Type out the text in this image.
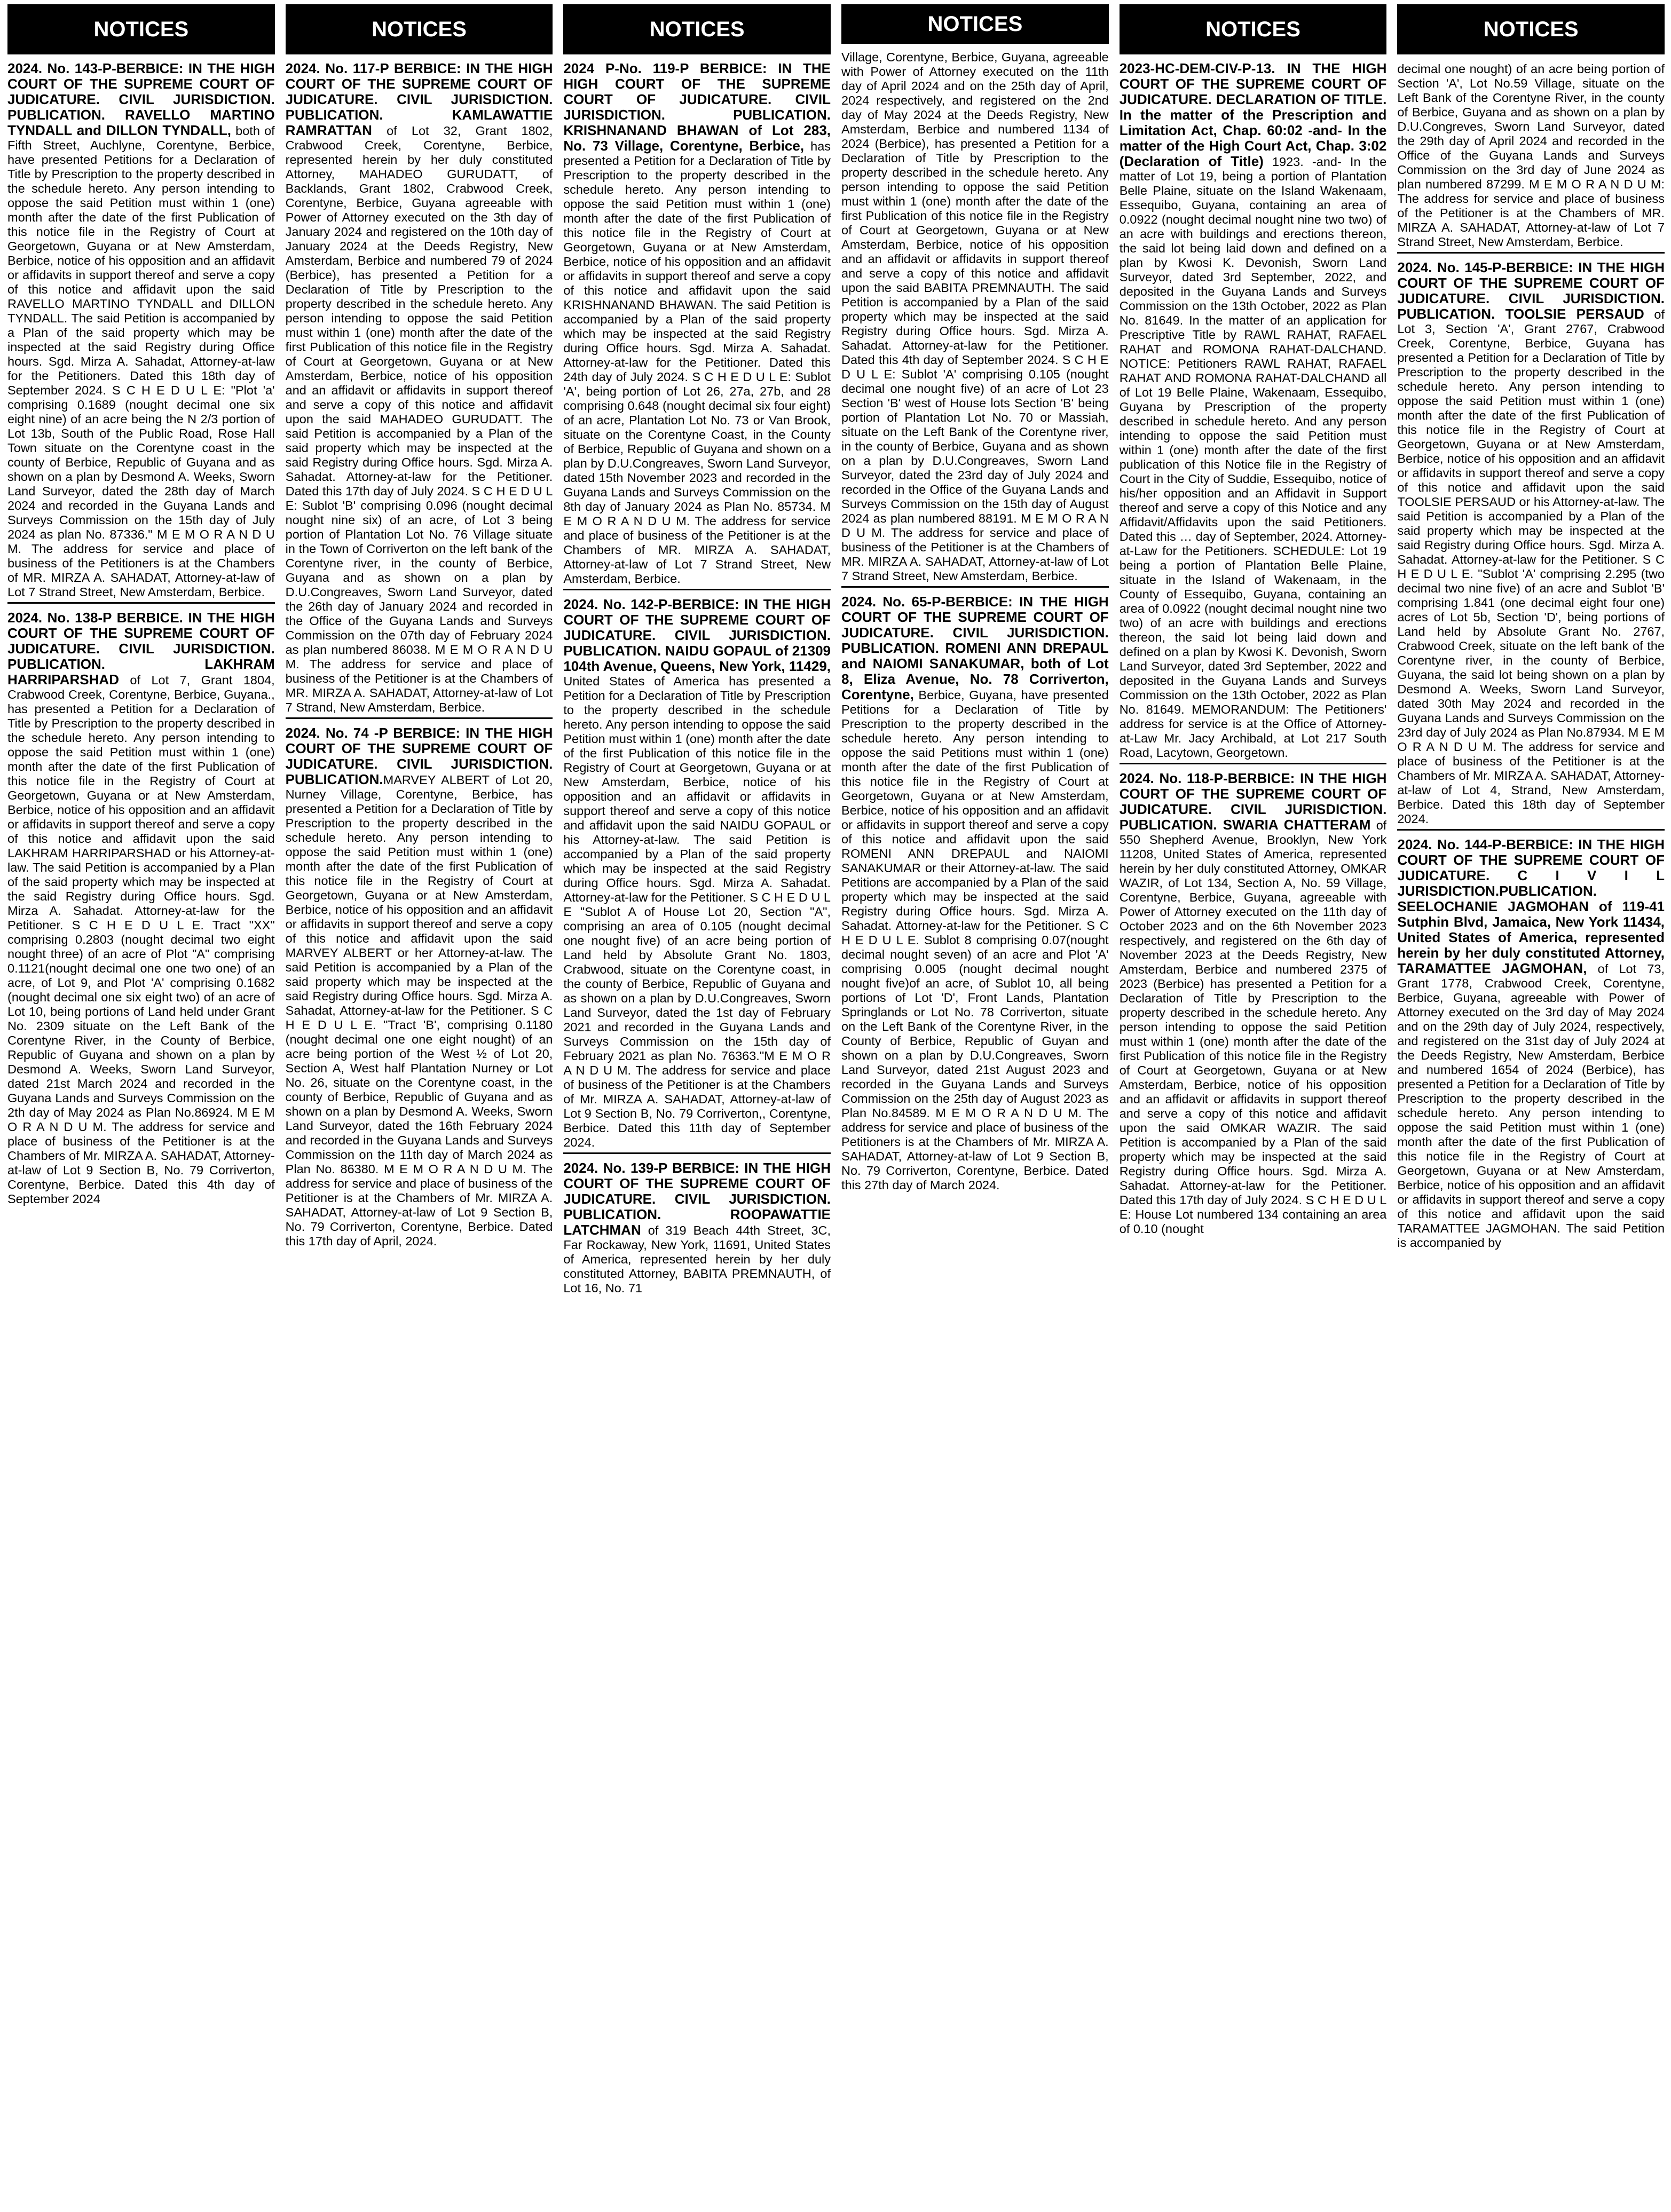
NOTICES

2024. No. 143-P-BERBICE: IN THE HIGH COURT OF THE SUPREME COURT OF JUDICATURE. CIVIL JURISDICTION. PUBLICATION. RAVELLO MARTINO TYNDALL and DILLON TYNDALL, both of Fifth Street, Auchlyne, Corentyne, Berbice, have presented Petitions for a Declaration of Title by Prescription to the property described in the schedule hereto. Any person intending to oppose the said Petition must within 1 (one) month after the date of the first Publication of this notice file in the Registry of Court at Georgetown, Guyana or at New Amsterdam, Berbice, notice of his opposition and an affidavit or affidavits in support thereof and serve a copy of this notice and affidavit upon the said RAVELLO MARTINO TYNDALL and DILLON TYNDALL. The said Petition is accompanied by a Plan of the said property which may be inspected at the said Registry during Office hours. Sgd. Mirza A. Sahadat, Attorney-at-law for the Petitioners. Dated this 18th day of September 2024. S C H E D U L E: "Plot 'a' comprising 0.1689 (nought decimal one six eight nine) of an acre being the N 2/3 portion of Lot 13b, South of the Public Road, Rose Hall Town situate on the Corentyne coast in the county of Berbice, Republic of Guyana and as shown on a plan by Desmond A. Weeks, Sworn Land Surveyor, dated the 28th day of March 2024 and recorded in the Guyana Lands and Surveys Commission on the 15th day of July 2024 as plan No. 87336." M E M O R A N D U M. The address for service and place of business of the Petitioners is at the Chambers of MR. MIRZA A. SAHADAT, Attorney-at-law of Lot 7 Strand Street, New Amsterdam, Berbice.

2024. No. 138-P BERBICE. IN THE HIGH COURT OF THE SUPREME COURT OF JUDICATURE. CIVIL JURISDICTION. PUBLICATION. LAKHRAM HARRIPARSHAD of Lot 7, Grant 1804, Crabwood Creek, Corentyne, Berbice, Guyana., has presented a Petition for a Declaration of Title by Prescription to the property described in the schedule hereto. Any person intending to oppose the said Petition must within 1 (one) month after the date of the first Publication of this notice file in the Registry of Court at Georgetown, Guyana or at New Amsterdam, Berbice, notice of his opposition and an affidavit or affidavits in support thereof and serve a copy of this notice and affidavit upon the said LAKHRAM HARRIPARSHAD or his Attorney-at-law. The said Petition is accompanied by a Plan of the said property which may be inspected at the said Registry during Office hours. Sgd. Mirza A. Sahadat. Attorney-at-law for the Petitioner. S C H E D U L E. Tract "XX" comprising 0.2803 (nought decimal two eight nought three) of an acre of Plot "A" comprising 0.1121(nought decimal one one two one) of an acre, of Lot 9, and Plot 'A' comprising 0.1682 (nought decimal one six eight two) of an acre of Lot 10, being portions of Land held under Grant No. 2309 situate on the Left Bank of the Corentyne River, in the County of Berbice, Republic of Guyana and shown on a plan by Desmond A. Weeks, Sworn Land Surveyor, dated 21st March 2024 and recorded in the Guyana Lands and Surveys Commission on the 2th day of May 2024 as Plan No.86924. M E M O R A N D U M. The address for service and place of business of the Petitioner is at the Chambers of Mr. MIRZA A. SAHADAT, Attorney-at-law of Lot 9 Section B, No. 79 Corriverton, Corentyne, Berbice. Dated this 4th day of September 2024

NOTICES

2024. No. 117-P BERBICE: IN THE HIGH COURT OF THE SUPREME COURT OF JUDICATURE. CIVIL JURISDICTION. PUBLICATION. KAMLAWATTIE RAMRATTAN of Lot 32, Grant 1802, Crabwood Creek, Corentyne, Berbice, represented herein by her duly constituted Attorney, MAHADEO GURUDATT, of Backlands, Grant 1802, Crabwood Creek, Corentyne, Berbice, Guyana agreeable with Power of Attorney executed on the 3th day of January 2024 and registered on the 10th day of January 2024 at the Deeds Registry, New Amsterdam, Berbice and numbered 79 of 2024 (Berbice), has presented a Petition for a Declaration of Title by Prescription to the property described in the schedule hereto. Any person intending to oppose the said Petition must within 1 (one) month after the date of the first Publication of this notice file in the Registry of Court at Georgetown, Guyana or at New Amsterdam, Berbice, notice of his opposition and an affidavit or affidavits in support thereof and serve a copy of this notice and affidavit upon the said MAHADEO GURUDATT. The said Petition is accompanied by a Plan of the said property which may be inspected at the said Registry during Office hours. Sgd. Mirza A. Sahadat. Attorney-at-law for the Petitioner. Dated this 17th day of July 2024. S C H E D U L E: Sublot 'B' comprising 0.096 (nought decimal nought nine six) of an acre, of Lot 3 being portion of Plantation Lot No. 76 Village situate in the Town of Corriverton on the left bank of the Corentyne river, in the county of Berbice, Guyana and as shown on a plan by D.U.Congreaves, Sworn Land Surveyor, dated the 26th day of January 2024 and recorded in the Office of the Guyana Lands and Surveys Commission on the 07th day of February 2024 as plan numbered 86038. M E M O R A N D U M. The address for service and place of business of the Petitioner is at the Chambers of MR. MIRZA A. SAHADAT, Attorney-at-law of Lot 7 Strand, New Amsterdam, Berbice.

2024. No. 74 -P BERBICE: IN THE HIGH COURT OF THE SUPREME COURT OF JUDICATURE. CIVIL JURISDICTION. PUBLICATION.MARVEY ALBERT of Lot 20, Nurney Village, Corentyne, Berbice, has presented a Petition for a Declaration of Title by Prescription to the property described in the schedule hereto. Any person intending to oppose the said Petition must within 1 (one) month after the date of the first Publication of this notice file in the Registry of Court at Georgetown, Guyana or at New Amsterdam, Berbice, notice of his opposition and an affidavit or affidavits in support thereof and serve a copy of this notice and affidavit upon the said MARVEY ALBERT or her Attorney-at-law. The said Petition is accompanied by a Plan of the said property which may be inspected at the said Registry during Office hours. Sgd. Mirza A. Sahadat, Attorney-at-law for the Petitioner. S C H E D U L E. "Tract 'B', comprising 0.1180 (nought decimal one one eight nought) of an acre being portion of the West ½ of Lot 20, Section A, West half Plantation Nurney or Lot No. 26, situate on the Corentyne coast, in the county of Berbice, Republic of Guyana and as shown on a plan by Desmond A. Weeks, Sworn Land Surveyor, dated the 16th February 2024 and recorded in the Guyana Lands and Surveys Commission on the 11th day of March 2024 as Plan No. 86380. M E M O R A N D U M. The address for service and place of business of the Petitioner is at the Chambers of Mr. MIRZA A. SAHADAT, Attorney-at-law of Lot 9 Section B, No. 79 Corriverton, Corentyne, Berbice. Dated this 17th day of April, 2024.

NOTICES

2024 P-No. 119-P BERBICE: IN THE HIGH COURT OF THE SUPREME COURT OF JUDICATURE. CIVIL JURISDICTION. PUBLICATION. KRISHNANAND BHAWAN of Lot 283, No. 73 Village, Corentyne, Berbice, has presented a Petition for a Declaration of Title by Prescription to the property described in the schedule hereto. Any person intending to oppose the said Petition must within 1 (one) month after the date of the first Publication of this notice file in the Registry of Court at Georgetown, Guyana or at New Amsterdam, Berbice, notice of his opposition and an affidavit or affidavits in support thereof and serve a copy of this notice and affidavit upon the said KRISHNANAND BHAWAN. The said Petition is accompanied by a Plan of the said property which may be inspected at the said Registry during Office hours. Sgd. Mirza A. Sahadat. Attorney-at-law for the Petitioner. Dated this 24th day of July 2024. S C H E D U L E: Sublot 'A', being portion of Lot 26, 27a, 27b, and 28 comprising 0.648 (nought decimal six four eight) of an acre, Plantation Lot No. 73 or Van Brook, situate on the Corentyne Coast, in the County of Berbice, Republic of Guyana and shown on a plan by D.U.Congreaves, Sworn Land Surveyor, dated 15th November 2023 and recorded in the Guyana Lands and Surveys Commission on the 8th day of January 2024 as Plan No. 85734. M E M O R A N D U M. The address for service and place of business of the Petitioner is at the Chambers of MR. MIRZA A. SAHADAT, Attorney-at-law of Lot 7 Strand Street, New Amsterdam, Berbice.

2024. No. 142-P-BERBICE: IN THE HIGH COURT OF THE SUPREME COURT OF JUDICATURE. CIVIL JURISDICTION. PUBLICATION. NAIDU GOPAUL of 21309 104th Avenue, Queens, New York, 11429, United States of America has presented a Petition for a Declaration of Title by Prescription to the property described in the schedule hereto. Any person intending to oppose the said Petition must within 1 (one) month after the date of the first Publication of this notice file in the Registry of Court at Georgetown, Guyana or at New Amsterdam, Berbice, notice of his opposition and an affidavit or affidavits in support thereof and serve a copy of this notice and affidavit upon the said NAIDU GOPAUL or his Attorney-at-law. The said Petition is accompanied by a Plan of the said property which may be inspected at the said Registry during Office hours. Sgd. Mirza A. Sahadat. Attorney-at-law for the Petitioner. S C H E D U L E "Sublot A of House Lot 20, Section "A", comprising an area of 0.105 (nought decimal one nought five) of an acre being portion of Land held by Absolute Grant No. 1803, Crabwood, situate on the Corentyne coast, in the county of Berbice, Republic of Guyana and as shown on a plan by D.U.Congreaves, Sworn Land Surveyor, dated the 1st day of February 2021 and recorded in the Guyana Lands and Surveys Commission on the 15th day of February 2021 as plan No. 76363."M E M O R A N D U M. The address for service and place of business of the Petitioner is at the Chambers of Mr. MIRZA A. SAHADAT, Attorney-at-law of Lot 9 Section B, No. 79 Corriverton,, Corentyne, Berbice. Dated this 11th day of September 2024.

2024. No. 139-P BERBICE: IN THE HIGH COURT OF THE SUPREME COURT OF JUDICATURE. CIVIL JURISDICTION. PUBLICATION. ROOPAWATTIE LATCHMAN of 319 Beach 44th Street, 3C, Far Rockaway, New York, 11691, United States of America, represented herein by her duly constituted Attorney, BABITA PREMNAUTH, of Lot 16, No. 71

NOTICES

Village, Corentyne, Berbice, Guyana, agreeable with Power of Attorney executed on the 11th day of April 2024 and on the 25th day of April, 2024 respectively, and registered on the 2nd day of May 2024 at the Deeds Registry, New Amsterdam, Berbice and numbered 1134 of 2024 (Berbice), has presented a Petition for a Declaration of Title by Prescription to the property described in the schedule hereto. Any person intending to oppose the said Petition must within 1 (one) month after the date of the first Publication of this notice file in the Registry of Court at Georgetown, Guyana or at New Amsterdam, Berbice, notice of his opposition and an affidavit or affidavits in support thereof and serve a copy of this notice and affidavit upon the said BABITA PREMNAUTH. The said Petition is accompanied by a Plan of the said property which may be inspected at the said Registry during Office hours. Sgd. Mirza A. Sahadat. Attorney-at-law for the Petitioner. Dated this 4th day of September 2024. S C H E D U L E: Sublot 'A' comprising 0.105 (nought decimal one nought five) of an acre of Lot 23 Section 'B' west of House lots Section 'B' being portion of Plantation Lot No. 70 or Massiah, situate on the Left Bank of the Corentyne river, in the county of Berbice, Guyana and as shown on a plan by D.U.Congreaves, Sworn Land Surveyor, dated the 23rd day of July 2024 and recorded in the Office of the Guyana Lands and Surveys Commission on the 15th day of August 2024 as plan numbered 88191. M E M O R A N D U M. The address for service and place of business of the Petitioner is at the Chambers of MR. MIRZA A. SAHADAT, Attorney-at-law of Lot 7 Strand Street, New Amsterdam, Berbice.

2024. No. 65-P-BERBICE: IN THE HIGH COURT OF THE SUPREME COURT OF JUDICATURE. CIVIL JURISDICTION. PUBLICATION. ROMENI ANN DREPAUL and NAIOMI SANAKUMAR, both of Lot 8, Eliza Avenue, No. 78 Corriverton, Corentyne, Berbice, Guyana, have presented Petitions for a Declaration of Title by Prescription to the property described in the schedule hereto. Any person intending to oppose the said Petitions must within 1 (one) month after the date of the first Publication of this notice file in the Registry of Court at Georgetown, Guyana or at New Amsterdam, Berbice, notice of his opposition and an affidavit or affidavits in support thereof and serve a copy of this notice and affidavit upon the said ROMENI ANN DREPAUL and NAIOMI SANAKUMAR or their Attorney-at-law. The said Petitions are accompanied by a Plan of the said property which may be inspected at the said Registry during Office hours. Sgd. Mirza A. Sahadat. Attorney-at-law for the Petitioner. S C H E D U L E. Sublot 8 comprising 0.07(nought decimal nought seven) of an acre and Plot 'A' comprising 0.005 (nought decimal nought nought five)of an acre, of Sublot 10, all being portions of Lot 'D', Front Lands, Plantation Springlands or Lot No. 78 Corriverton, situate on the Left Bank of the Corentyne River, in the County of Berbice, Republic of Guyan and shown on a plan by D.U.Congreaves, Sworn Land Surveyor, dated 21st August 2023 and recorded in the Guyana Lands and Surveys Commission on the 25th day of August 2023 as Plan No.84589. M E M O R A N D U M. The address for service and place of business of the Petitioners is at the Chambers of Mr. MIRZA A. SAHADAT, Attorney-at-law of Lot 9 Section B, No. 79 Corriverton, Corentyne, Berbice. Dated this 27th day of March 2024.

NOTICES

2023-HC-DEM-CIV-P-13. IN THE HIGH COURT OF THE SUPREME COURT OF JUDICATURE. DECLARATION OF TITLE. In the matter of the Prescription and Limitation Act, Chap. 60:02 -and- In the matter of the High Court Act, Chap. 3:02 (Declaration of Title) 1923. -and- In the matter of Lot 19, being a portion of Plantation Belle Plaine, situate on the Island Wakenaam, Essequibo, Guyana, containing an area of 0.0922 (nought decimal nought nine two two) of an acre with buildings and erections thereon, the said lot being laid down and defined on a plan by Kwosi K. Devonish, Sworn Land Surveyor, dated 3rd September, 2022, and deposited in the Guyana Lands and Surveys Commission on the 13th October, 2022 as Plan No. 81649. In the matter of an application for Prescriptive Title by RAWL RAHAT, RAFAEL RAHAT and ROMONA RAHAT-DALCHAND. NOTICE: Petitioners RAWL RAHAT, RAFAEL RAHAT AND ROMONA RAHAT-DALCHAND all of Lot 19 Belle Plaine, Wakenaam, Essequibo, Guyana by Prescription of the property described in schedule hereto. And any person intending to oppose the said Petition must within 1 (one) month after the date of the first publication of this Notice file in the Registry of Court in the City of Suddie, Essequibo, notice of his/her opposition and an Affidavit in Support thereof and serve a copy of this Notice and any Affidavit/Affidavits upon the said Petitioners. Dated this … day of September, 2024. Attorney-at-Law for the Petitioners. SCHEDULE: Lot 19 being a portion of Plantation Belle Plaine, situate in the Island of Wakenaam, in the County of Essequibo, Guyana, containing an area of 0.0922 (nought decimal nought nine two two) of an acre with buildings and erections thereon, the said lot being laid down and defined on a plan by Kwosi K. Devonish, Sworn Land Surveyor, dated 3rd September, 2022 and deposited in the Guyana Lands and Surveys Commission on the 13th October, 2022 as Plan No. 81649. MEMORANDUM: The Petitioners' address for service is at the Office of Attorney-at-Law Mr. Jacy Archibald, at Lot 217 South Road, Lacytown, Georgetown.

2024. No. 118-P-BERBICE: IN THE HIGH COURT OF THE SUPREME COURT OF JUDICATURE. CIVIL JURISDICTION. PUBLICATION. SWARIA CHATTERAM of 550 Shepherd Avenue, Brooklyn, New York 11208, United States of America, represented herein by her duly constituted Attorney, OMKAR WAZIR, of Lot 134, Section A, No. 59 Village, Corentyne, Berbice, Guyana, agreeable with Power of Attorney executed on the 11th day of October 2023 and on the 6th November 2023 respectively, and registered on the 6th day of November 2023 at the Deeds Registry, New Amsterdam, Berbice and numbered 2375 of 2023 (Berbice) has presented a Petition for a Declaration of Title by Prescription to the property described in the schedule hereto. Any person intending to oppose the said Petition must within 1 (one) month after the date of the first Publication of this notice file in the Registry of Court at Georgetown, Guyana or at New Amsterdam, Berbice, notice of his opposition and an affidavit or affidavits in support thereof and serve a copy of this notice and affidavit upon the said OMKAR WAZIR. The said Petition is accompanied by a Plan of the said property which may be inspected at the said Registry during Office hours. Sgd. Mirza A. Sahadat. Attorney-at-law for the Petitioner. Dated this 17th day of July 2024. S C H E D U L E: House Lot numbered 134 containing an area of 0.10 (nought

NOTICES

decimal one nought) of an acre being portion of Section 'A', Lot No.59 Village, situate on the Left Bank of the Corentyne River, in the county of Berbice, Guyana and as shown on a plan by D.U.Congreves, Sworn Land Surveyor, dated the 29th day of April 2024 and recorded in the Office of the Guyana Lands and Surveys Commission on the 3rd day of June 2024 as plan numbered 87299. M E M O R A N D U M: The address for service and place of business of the Petitioner is at the Chambers of MR. MIRZA A. SAHADAT, Attorney-at-law of Lot 7 Strand Street, New Amsterdam, Berbice.

2024. No. 145-P-BERBICE: IN THE HIGH COURT OF THE SUPREME COURT OF JUDICATURE. CIVIL JURISDICTION. PUBLICATION. TOOLSIE PERSAUD of Lot 3, Section 'A', Grant 2767, Crabwood Creek, Corentyne, Berbice, Guyana has presented a Petition for a Declaration of Title by Prescription to the property described in the schedule hereto. Any person intending to oppose the said Petition must within 1 (one) month after the date of the first Publication of this notice file in the Registry of Court at Georgetown, Guyana or at New Amsterdam, Berbice, notice of his opposition and an affidavit or affidavits in support thereof and serve a copy of this notice and affidavit upon the said TOOLSIE PERSAUD or his Attorney-at-law. The said Petition is accompanied by a Plan of the said property which may be inspected at the said Registry during Office hours. Sgd. Mirza A. Sahadat. Attorney-at-law for the Petitioner. S C H E D U L E. "Sublot 'A' comprising 2.295 (two decimal two nine five) of an acre and Sublot 'B' comprising 1.841 (one decimal eight four one) acres of Lot 5b, Section 'D', being portions of Land held by Absolute Grant No. 2767, Crabwood Creek, situate on the left bank of the Corentyne river, in the county of Berbice, Guyana, the said lot being shown on a plan by Desmond A. Weeks, Sworn Land Surveyor, dated 30th May 2024 and recorded in the Guyana Lands and Surveys Commission on the 23rd day of July 2024 as Plan No.87934. M E M O R A N D U M. The address for service and place of business of the Petitioner is at the Chambers of Mr. MIRZA A. SAHADAT, Attorney-at-law of Lot 4, Strand, New Amsterdam, Berbice. Dated this 18th day of September 2024.

2024. No. 144-P-BERBICE: IN THE HIGH COURT OF THE SUPREME COURT OF JUDICATURE. C I V I L JURISDICTION.PUBLICATION. SEELOCHANIE JAGMOHAN of 119-41 Sutphin Blvd, Jamaica, New York 11434, United States of America, represented herein by her duly constituted Attorney, TARAMATTEE JAGMOHAN, of Lot 73, Grant 1778, Crabwood Creek, Corentyne, Berbice, Guyana, agreeable with Power of Attorney executed on the 3rd day of May 2024 and on the 29th day of July 2024, respectively, and registered on the 31st day of July 2024 at the Deeds Registry, New Amsterdam, Berbice and numbered 1654 of 2024 (Berbice), has presented a Petition for a Declaration of Title by Prescription to the property described in the schedule hereto. Any person intending to oppose the said Petition must within 1 (one) month after the date of the first Publication of this notice file in the Registry of Court at Georgetown, Guyana or at New Amsterdam, Berbice, notice of his opposition and an affidavit or affidavits in support thereof and serve a copy of this notice and affidavit upon the said TARAMATTEE JAGMOHAN. The said Petition is accompanied by
